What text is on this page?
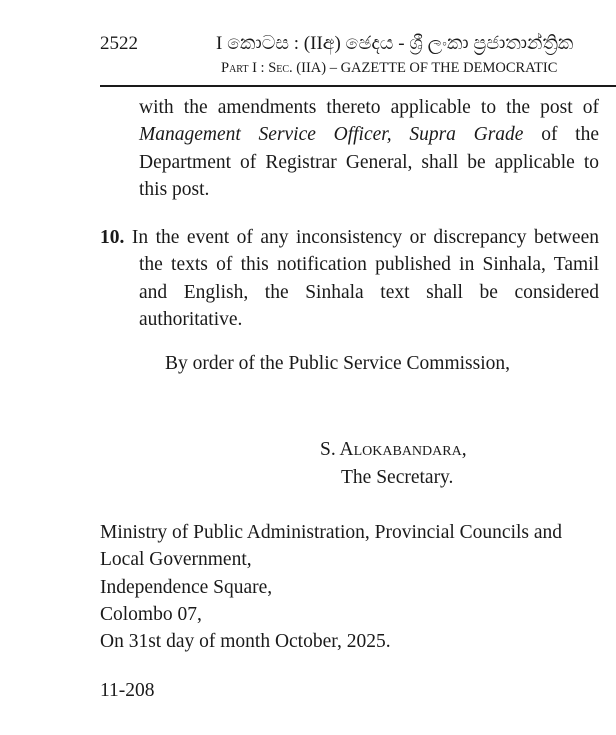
2522	I කොටස : (IIඅ) ඡෙදය - ශ්‍රී ලංකා ප්‍රජාතාන්ත්‍රික
Part I : Sec. (IIA) – GAZETTE OF THE DEMOCRATIC

with the amendments thereto applicable to the post of Management Service Officer, Supra Grade of the Department of Registrar General, shall be applicable to this post.

10. In the event of any inconsistency or discrepancy between the texts of this notification published in Sinhala, Tamil and English, the Sinhala text shall be considered authoritative.

By order of the Public Service Commission,
S. Alokabandara,
The Secretary.
Ministry of Public Administration, Provincial Councils and
Local Government,
Independence Square,
Colombo 07,
On 31st day of month October, 2025.
11-208
